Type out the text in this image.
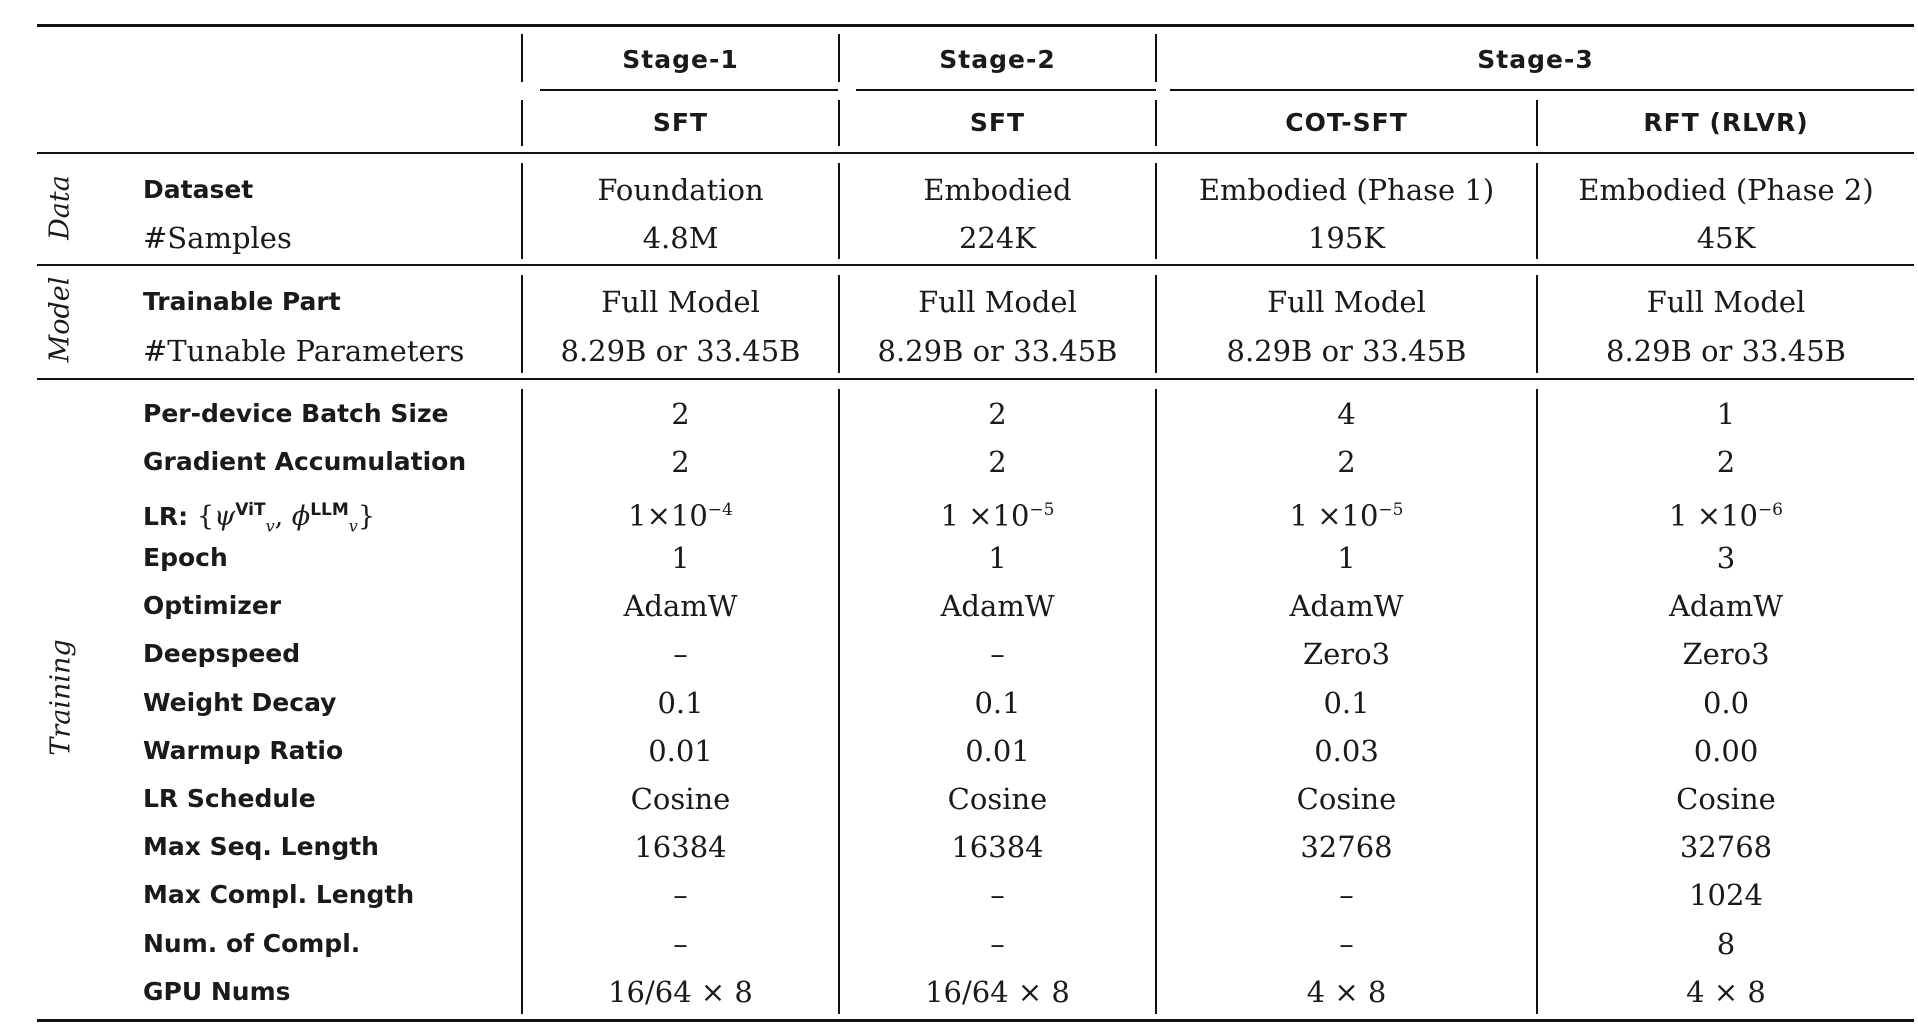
Stage-1	Stage-2	Stage-3
SFT	SFT	COT-SFT	RFT (RLVR)
Data
Model
Training
Dataset	Foundation	Embodied	Embodied (Phase 1)	Embodied (Phase 2)
#Samples	4.8M	224K	195K	45K
Trainable Part	Full Model	Full Model	Full Model	Full Model
#Tunable Parameters	8.29B or 33.45B	8.29B or 33.45B	8.29B or 33.45B	8.29B or 33.45B
Per-device Batch Size	2	2	4	1
Gradient Accumulation	2	2	2	2
LR: {$\psi^{ViT}_v$, $\phi^{LLM}_v$}	$1\times 10^{-4}$	$1 \times 10^{-5}$	$1 \times 10^{-5}$	$1 \times 10^{-6}$
Epoch	1	1	1	3
Optimizer	AdamW	AdamW	AdamW	AdamW
Deepspeed	–	–	Zero3	Zero3
Weight Decay	0.1	0.1	0.1	0.0
Warmup Ratio	0.01	0.01	0.03	0.00
LR Schedule	Cosine	Cosine	Cosine	Cosine
Max Seq. Length	16384	16384	32768	32768
Max Compl. Length	–	–	–	1024
Num. of Compl.	–	–	–	8
GPU Nums	16/64 × 8	16/64 × 8	4 × 8	4 × 8
